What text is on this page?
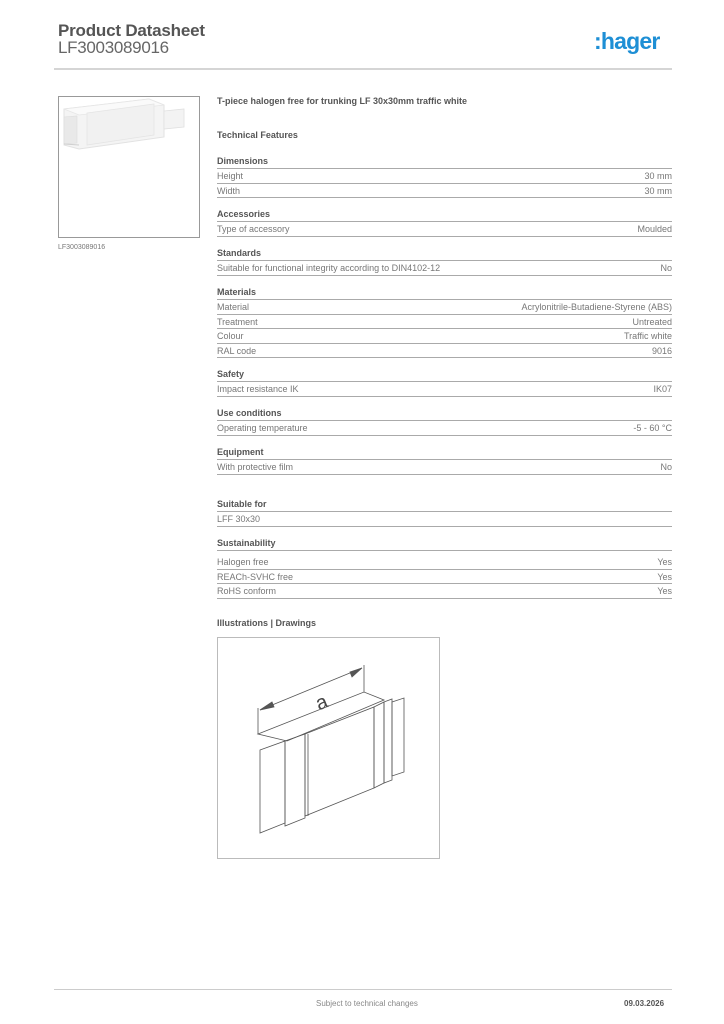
Product Datasheet
LF3003089016	:hager
LF3003089016
T-piece halogen free for trunking LF 30x30mm traffic white
Technical Features
Dimensions
Height	30 mm
Width	30 mm
Accessories
Type of accessory	Moulded
Standards
Suitable for functional integrity according to DIN4102-12	No
Materials
Material	Acrylonitrile-Butadiene-Styrene (ABS)
Treatment	Untreated
Colour	Traffic white
RAL code	9016
Safety
Impact resistance IK	IK07
Use conditions
Operating temperature	-5 - 60 °C
Equipment
With protective film	No
Suitable for
LFF 30x30
Sustainability
Halogen free	Yes
REACh-SVHC free	Yes
RoHS conform	Yes
Illustrations | Drawings
a
Subject to technical changes	09.03.2026
